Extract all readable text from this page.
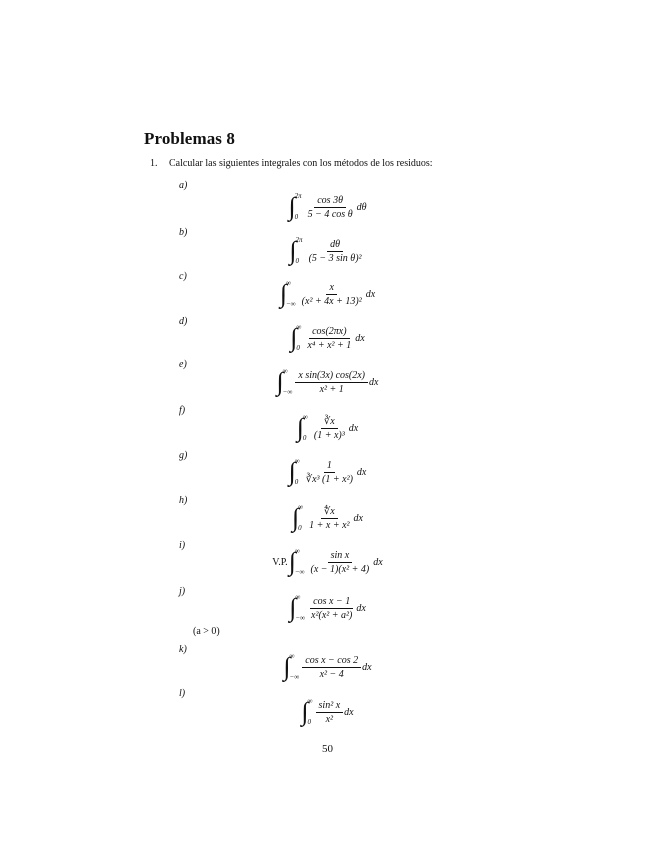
Problemas 8
1. Calcular las siguientes integrales con los métodos de los residuos:
a)
∫ 2π
$0 \frac{\cos 3\theta}{\text{5 − 4 cos θ}}$ dθ
b)
∫ 2π
$0 \frac{d\theta}{\text{(5 − 3 sin θ)²}}$
c)
∫ ∞
−∞ $\frac{x}{\text{(x² + 4x + 13)²}}$ dx
d)
∫ ∞
$0 \frac{\cos(2\pi x)}{\text{x⁴ + x² + 1}}$ dx
e)
∫ ∞
−∞ $\frac{\text{x sin(3x) cos(2x)}}{\text{x² + 1}}$ dx
f)
∫ ∞
$0 \frac{∛x}{\text{(1 + x)³}}$ dx
g)
∫ ∞
$0 \frac{1}{\text{∛x³ (1 + x²)}}$ dx
h)
∫ ∞
$0 \frac{∜x}{\text{1 + x + x²}}$ dx
i)
V.P. ∫ ∞
−∞ $\frac{\text{sin x}}{\text{(x − 1)(x² + 4)}}$ dx
j)
∫ ∞
−∞ $\frac{\text{cos x − 1}}{\text{x²(x² + a²)}}$ dx
k)
∫ ∞
−∞ $\frac{\text{cos x − cos 2}}{\text{x² − 4}}$ dx
l)
∫ ∞
$0 \frac{\text{sin² x}}{\text{x²}}$ dx
(a > 0)
50
